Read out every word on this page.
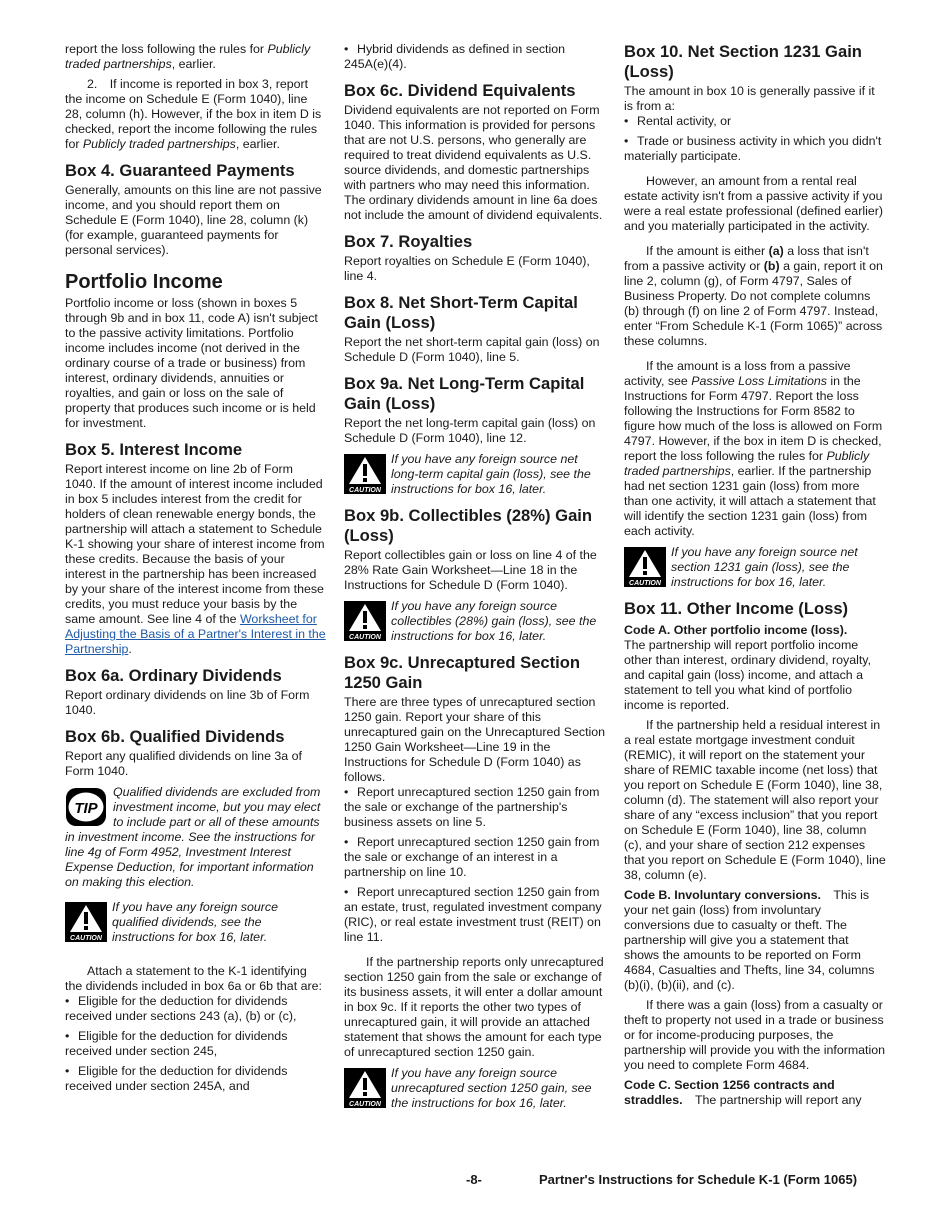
report the loss following the rules for Publicly traded partnerships, earlier.

2. If income is reported in box 3, report the income on Schedule E (Form 1040), line 28, column (h). However, if the box in item D is checked, report the income following the rules for Publicly traded partnerships, earlier.

Box 4. Guaranteed Payments

Generally, amounts on this line are not passive income, and you should report them on Schedule E (Form 1040), line 28, column (k) (for example, guaranteed payments for personal services).

Portfolio Income

Portfolio income or loss (shown in boxes 5 through 9b and in box 11, code A) isn't subject to the passive activity limitations. Portfolio income includes income (not derived in the ordinary course of a trade or business) from interest, ordinary dividends, annuities or royalties, and gain or loss on the sale of property that produces such income or is held for investment.

Box 5. Interest Income

Report interest income on line 2b of Form 1040. If the amount of interest income included in box 5 includes interest from the credit for holders of clean renewable energy bonds, the partnership will attach a statement to Schedule K-1 showing your share of interest income from these credits. Because the basis of your interest in the partnership has been increased by your share of the interest income from these credits, you must reduce your basis by the same amount. See line 4 of the Worksheet for Adjusting the Basis of a Partner's Interest in the Partnership.

Box 6a. Ordinary Dividends

Report ordinary dividends on line 3b of Form 1040.

Box 6b. Qualified Dividends

Report any qualified dividends on line 3a of Form 1040.

TIP
Qualified dividends are excluded from investment income, but you may elect to include part or all of these amounts in investment income. See the instructions for line 4g of Form 4952, Investment Interest Expense Deduction, for important information on making this election.
CAUTION
If you have any foreign source qualified dividends, see the instructions for box 16, later.

Attach a statement to the K-1 identifying the dividends included in box 6a or 6b that are:

• Eligible for the deduction for dividends received under sections 243 (a), (b) or (c),

• Eligible for the deduction for dividends received under section 245,

• Eligible for the deduction for dividends received under section 245A, and

• Hybrid dividends as defined in section 245A(e)(4).

Box 6c. Dividend Equivalents

Dividend equivalents are not reported on Form 1040. This information is provided for persons that are not U.S. persons, who generally are required to treat dividend equivalents as U.S. source dividends, and domestic partnerships with partners who may need this information. The ordinary dividends amount in line 6a does not include the amount of dividend equivalents.

Box 7. Royalties

Report royalties on Schedule E (Form 1040), line 4.

Box 8. Net Short-Term Capital Gain (Loss)

Report the net short-term capital gain (loss) on Schedule D (Form 1040), line 5.

Box 9a. Net Long-Term Capital Gain (Loss)

Report the net long-term capital gain (loss) on Schedule D (Form 1040), line 12.

CAUTION
If you have any foreign source net long-term capital gain (loss), see the instructions for box 16, later.
Box 9b. Collectibles (28%) Gain (Loss)

Report collectibles gain or loss on line 4 of the 28% Rate Gain Worksheet—Line 18 in the Instructions for Schedule D (Form 1040).

CAUTION
If you have any foreign source collectibles (28%) gain (loss), see the instructions for box 16, later.
Box 9c. Unrecaptured Section 1250 Gain

There are three types of unrecaptured section 1250 gain. Report your share of this unrecaptured gain on the Unrecaptured Section 1250 Gain Worksheet—Line 19 in the Instructions for Schedule D (Form 1040) as follows.

• Report unrecaptured section 1250 gain from the sale or exchange of the partnership's business assets on line 5.

• Report unrecaptured section 1250 gain from the sale or exchange of an interest in a partnership on line 10.

• Report unrecaptured section 1250 gain from an estate, trust, regulated investment company (RIC), or real estate investment trust (REIT) on line 11.

If the partnership reports only unrecaptured section 1250 gain from the sale or exchange of its business assets, it will enter a dollar amount in box 9c. If it reports the other two types of unrecaptured gain, it will provide an attached statement that shows the amount for each type of unrecaptured section 1250 gain.

CAUTION
If you have any foreign source unrecaptured section 1250 gain, see the instructions for box 16, later.
Box 10. Net Section 1231 Gain (Loss)

The amount in box 10 is generally passive if it is from a:

• Rental activity, or

• Trade or business activity in which you didn't materially participate.

However, an amount from a rental real estate activity isn't from a passive activity if you were a real estate professional (defined earlier) and you materially participated in the activity.

If the amount is either (a) a loss that isn't from a passive activity or (b) a gain, report it on line 2, column (g), of Form 4797, Sales of Business Property. Do not complete columns (b) through (f) on line 2 of Form 4797. Instead, enter “From Schedule K-1 (Form 1065)” across these columns.

If the amount is a loss from a passive activity, see Passive Loss Limitations in the Instructions for Form 4797. Report the loss following the Instructions for Form 8582 to figure how much of the loss is allowed on Form 4797. However, if the box in item D is checked, report the loss following the rules for Publicly traded partnerships, earlier. If the partnership had net section 1231 gain (loss) from more than one activity, it will attach a statement that will identify the section 1231 gain (loss) from each activity.

CAUTION
If you have any foreign source net section 1231 gain (loss), see the instructions for box 16, later.
Box 11. Other Income (Loss)

Code A. Other portfolio income (loss).
The partnership will report portfolio income other than interest, ordinary dividend, royalty, and capital gain (loss) income, and attach a statement to tell you what kind of portfolio income is reported.

If the partnership held a residual interest in a real estate mortgage investment conduit (REMIC), it will report on the statement your share of REMIC taxable income (net loss) that you report on Schedule E (Form 1040), line 38, column (d). The statement will also report your share of any “excess inclusion” that you report on Schedule E (Form 1040), line 38, column (c), and your share of section 212 expenses that you report on Schedule E (Form 1040), line 38, column (e).

Code B. Involuntary conversions. This is your net gain (loss) from involuntary conversions due to casualty or theft. The partnership will give you a statement that shows the amounts to be reported on Form 4684, Casualties and Thefts, line 34, columns (b)(i), (b)(ii), and (c).

If there was a gain (loss) from a casualty or theft to property not used in a trade or business or for income-producing purposes, the partnership will provide you with the information you need to complete Form 4684.

Code C. Section 1256 contracts and straddles. The partnership will report any

-8-	Partner's Instructions for Schedule K-1 (Form 1065)
